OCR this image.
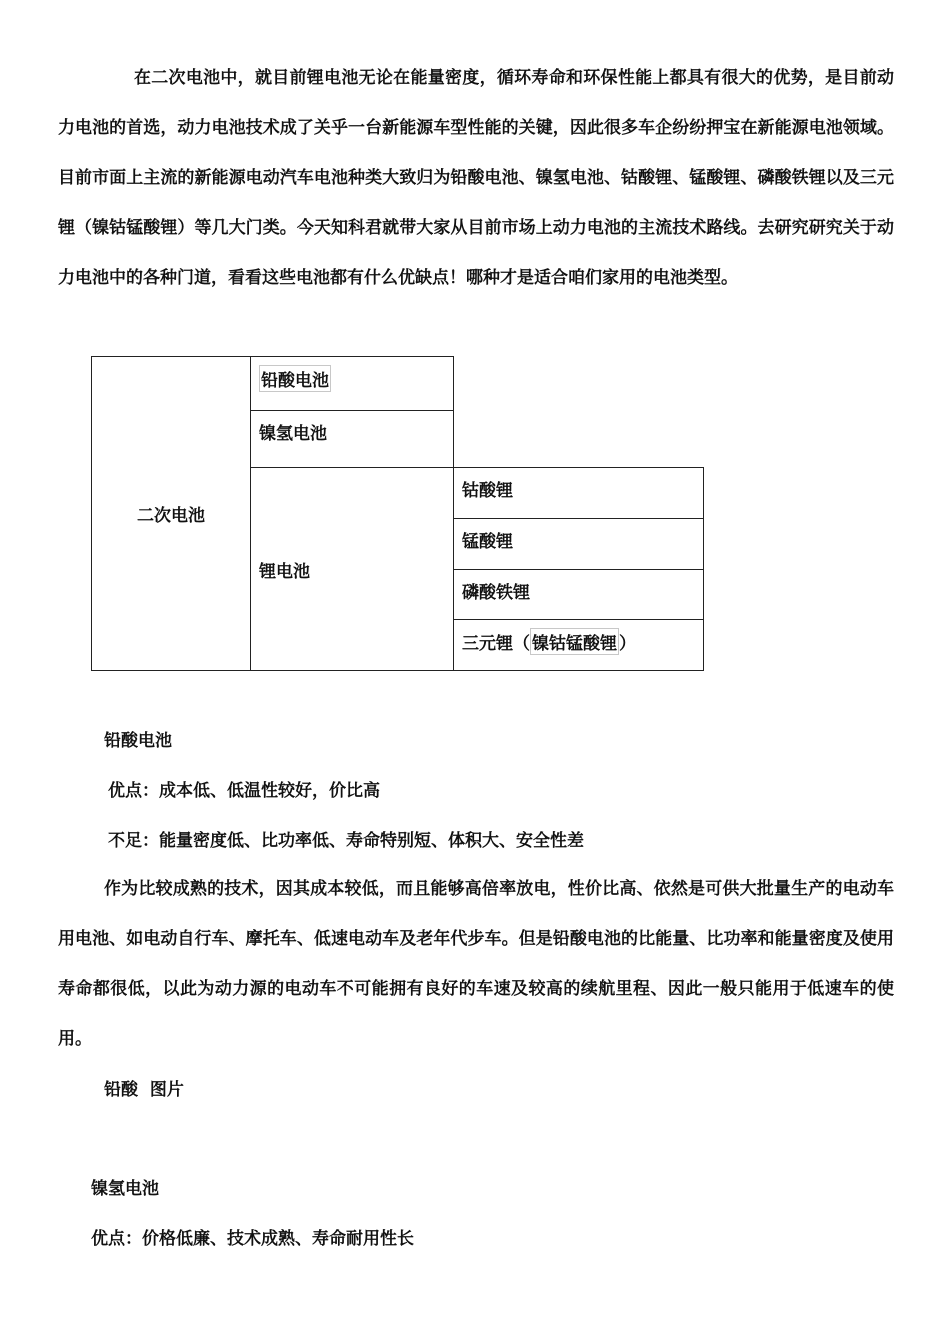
在二次电池中，就目前锂电池无论在能量密度，循环寿命和环保性能上都具有很大的优势，是目前动力电池的首选，动力电池技术成了关乎一台新能源车型性能的关键，因此很多车企纷纷押宝在新能源电池领域。目前市面上主流的新能源电动汽车电池种类大致归为铅酸电池、镍氢电池、钴酸锂、锰酸锂、磷酸铁锂以及三元锂（镍钴锰酸锂）等几大门类。今天知科君就带大家从目前市场上动力电池的主流技术路线。去研究研究关于动力电池中的各种门道，看看这些电池都有什么优缺点！哪种才是适合咱们家用的电池类型。

二次电池	铅酸电池	
	镍氢电池	
	锂电池	钴酸锂
		锰酸锂
		磷酸铁锂
		三元锂（ 镍钴锰酸锂 ）
铅酸电池
优点：成本低、低温性较好，价比高
不足：能量密度低、比功率低、寿命特别短、体积大、安全性差

作为比较成熟的技术，因其成本较低，而且能够高倍率放电，性价比高、依然是可供大批量生产的电动车用电池、如电动自行车、摩托车、低速电动车及老年代步车。但是铅酸电池的比能量、比功率和能量密度及使用寿命都很低，以此为动力源的电动车不可能拥有良好的车速及较高的续航里程、因此一般只能用于低速车的使用。

铅酸  图片
镍氢电池
优点：价格低廉、技术成熟、寿命耐用性长
